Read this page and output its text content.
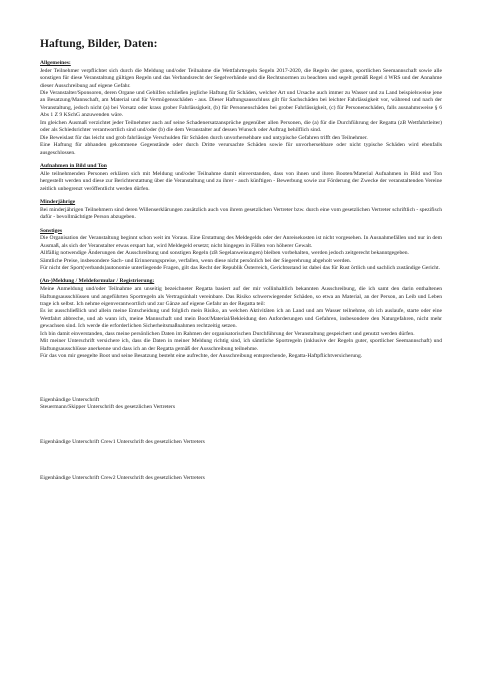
Haftung, Bilder, Daten:
Allgemeines:

Jeder Teilnehmer verpflichtet sich durch die Meldung und/oder Teilnahme die Wettfahrtregeln Segeln 2017-2020, die Regeln der guten, sportlichen Seemannschaft sowie alle sonstigen für diese Veranstaltung gültigen Regeln und das Verbandsrecht der Segelverbände und die Rechtsnormen zu beachten und segelt gemäß Regel 4 WRS und der Annahme dieser Ausschreibung auf eigene Gefahr.

Die Veranstalter/Sponsoren, deren Organe und Gehilfen schließen jegliche Haftung für Schäden, welcher Art und Ursache auch immer zu Wasser und zu Land beispielsweise jene an Besatzung/Mannschaft, am Material und für Vermögensschäden - aus. Dieser Haftungsausschluss gilt für Sachschäden bei leichter Fahrlässigkeit vor, während und nach der Veranstaltung, jedoch nicht (a) bei Vorsatz oder krass grober Fahrlässigkeit, (b) für Personenschäden bei grober Fahrlässigkeit, (c) für Personenschäden, falls ausnahmsweise § 6 Abs 1 Z 9 KSchG anzuwenden wäre.

Im gleichen Ausmaß verzichtet jeder Teilnehmer auch auf seine Schadenersatzansprüche gegenüber allen Personen, die (a) für die Durchführung der Regatta (zB Wettfahrtleiter) oder als Schiedsrichter verantwortlich sind und/oder (b) die dem Veranstalter auf dessen Wunsch oder Auftrag behilflich sind.

Die Beweislast für das leicht und grob fahrlässige Verschulden für Schäden durch unvorhersehbare und untypische Gefahren trifft den Teilnehmer.

Eine Haftung für abhanden gekommene Gegenstände oder durch Dritte verursachte Schäden sowie für unvorhersehbare oder nicht typische Schäden wird ebenfalls ausgeschlossen.

Aufnahmen in Bild und Ton

Alle teilnehmenden Personen erklären sich mit Meldung und/oder Teilnahme damit einverstanden, dass von ihnen und ihren Booten/Material Aufnahmen in Bild und Ton hergestellt werden und diese zur Berichterstattung über die Veranstaltung und zu ihrer - auch künftigen - Bewerbung sowie zur Förderung der Zwecke der veranstaltenden Vereine zeitlich unbegrenzt veröffentlicht werden dürfen.

Minderjährige

Bei minderjährigen Teilnehmern sind deren Willenserklärungen zusätzlich auch von ihrem gesetzlichen Vertreter bzw. durch eine vom gesetzlichen Vertreter schriftlich - spezifisch dafür - bevollmächtigte Person abzugeben.

Sonstiges

Die Organisation der Veranstaltung beginnt schon weit im Voraus. Eine Erstattung des Meldegelds oder der Anreisekosten ist nicht vorgesehen. In Ausnahmefällen und nur in dem Ausmaß, als sich der Veranstalter etwas erspart hat, wird Meldegeld ersetzt; nicht hingegen in Fällen von höherer Gewalt.

Allfällig notwendige Änderungen der Ausschreibung und sonstigen Regeln (zB Segelanweisungen) bleiben vorbehalten, werden jedoch zeitgerecht bekanntgegeben.

Sämtliche Preise, insbesondere Sach- und Erinnerungspreise, verfallen, wenn diese nicht persönlich bei der Siegerehrung abgeholt werden.

Für nicht der Sport(verbands)autonomie unterliegende Fragen, gilt das Recht der Republik Österreich, Gerichtsstand ist dabei das für Rust örtlich und sachlich zuständige Gericht.

(An-)Meldung / Meldeformular / Registrierung:

Meine Anmeldung und/oder Teilnahme am unseitig bezeichneter Regatta basiert auf der mir vollinhaltlich bekannten Ausschreibung, die ich samt den darin enthaltenen Haftungsausschlüssen und angeführten Sportregeln als Vertragsinhalt vereinbare. Das Risiko schwerwiegender Schäden, so etwa an Material, an der Person, an Leib und Leben trage ich selbst. Ich nehme eigenverantwortlich und zur Gänze auf eigene Gefahr an der Regatta teil:

Es ist ausschließlich und allein meine Entscheidung und folglich mein Risiko, an welchen Aktivitäten ich an Land und am Wasser teilnehme, ob ich auslaufe, starte oder eine Wettfahrt abbreche, und ab wann ich, meine Mannschaft und mein Boot/Material/Bekleidung den Anforderungen und Gefahren, insbesondere den Naturgefahren, nicht mehr gewachsen sind. Ich werde die erforderlichen Sicherheitsmaßnahmen rechtzeitig setzen.

Ich bin damit einverstanden, dass meine persönlichen Daten im Rahmen der organisatorischen Durchführung der Veranstaltung gespeichert und genutzt werden dürfen.

Mit meiner Unterschrift versichere ich, dass die Daten in meiner Meldung richtig sind, ich sämtliche Sportregeln (inklusive der Regeln guter, sportlicher Seemannschaft) und Haftungsausschlüsse anerkenne und dass ich an der Regatta gemäß der Ausschreibung teilnehme.

Für das von mir gesegelte Boot und seine Besatzung besteht eine aufrechte, der Ausschreibung entsprechende, Regatta-Haftpflichtversicherung.

Eigenhändige Unterschrift

Steuermann/Skipper Unterschrift des gesetzlichen Vertreters

Eigenhändige Unterschrift Crew1 Unterschrift des gesetzlichen Vertreters

Eigenhändige Unterschrift Crew2 Unterschrift des gesetzlichen Vertreters
